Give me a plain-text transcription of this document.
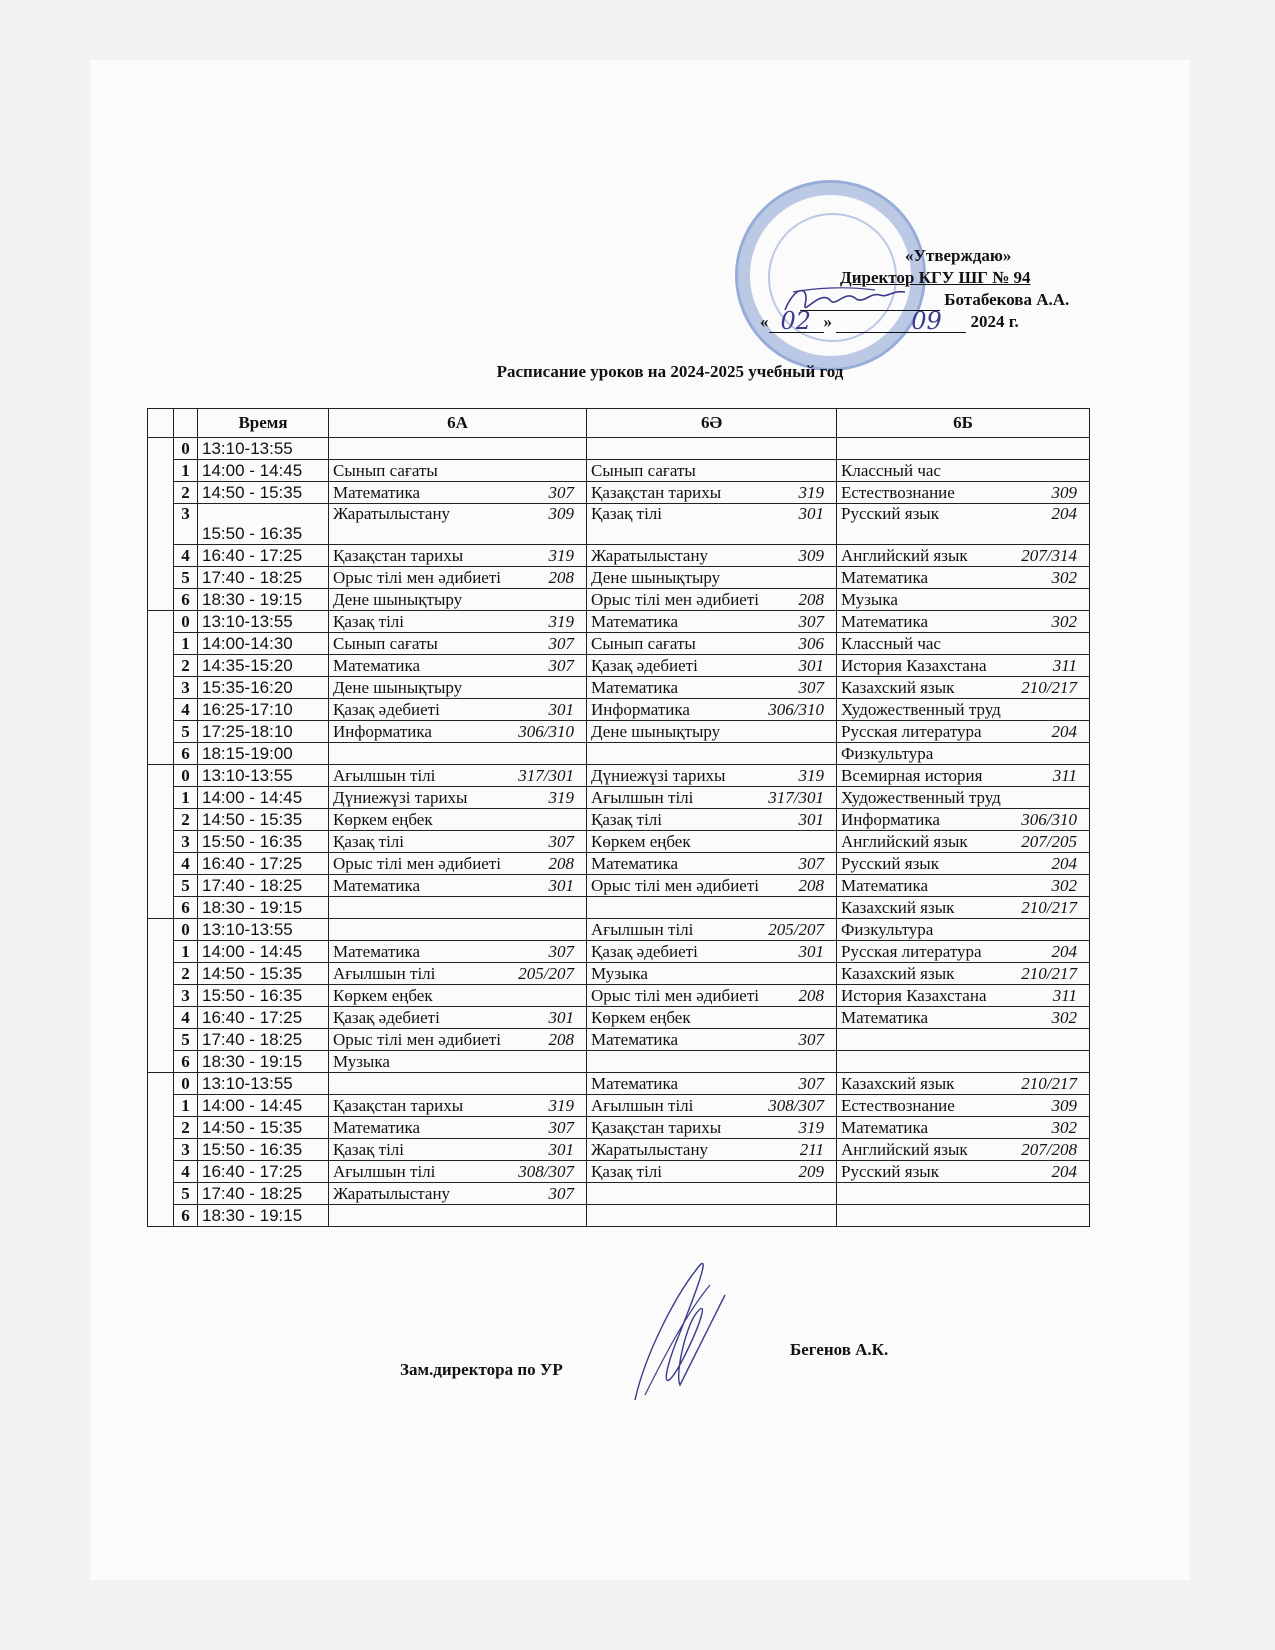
«Утверждаю»
Директор КГУ ШГ № 94
Ботабекова А.А.
« 02 »	09 2024 г.
Расписание уроков на 2024-2025 учебный год
		Время	6А	6Ә	6Б
	0	13:10-13:55	

	1	14:00 - 14:45	Сынып сағаты	Сынып сағаты	Классный час

	2	14:50 - 15:35	Математика 307	Қазақстан тарихы 319	Естествознание 309

	3	15:50 - 16:35	Жаратылыстану 309	Қазақ тілі 301	Русский язык 204

	4	16:40 - 17:25	Қазақстан тарихы 319	Жаратылыстану 309	Английский язык 207/314

	5	17:40 - 18:25	Орыс тілі мен әдибиеті 208	Дене шынықтыру	Математика 302

	6	18:30 - 19:15	Дене шынықтыру	Орыс тілі мен әдибиеті 208	Музыка

	0	13:10-13:55	Қазақ тілі 319	Математика 307	Математика 302

	1	14:00-14:30	Сынып сағаты 307	Сынып сағаты 306	Классный час

	2	14:35-15:20	Математика 307	Қазақ әдебиеті 301	История Казахстана 311

	3	15:35-16:20	Дене шынықтыру	Математика 307	Казахский язык 210/217

	4	16:25-17:10	Қазақ әдебиеті 301	Информатика 306/310	Художественный труд

	5	17:25-18:10	Информатика 306/310	Дене шынықтыру	Русская литература 204

	6	18:15-19:00			Физкультура

	0	13:10-13:55	Ағылшын тілі 317/301	Дүниежүзі тарихы 319	Всемирная история 311

	1	14:00 - 14:45	Дүниежүзі тарихы 319	Ағылшын тілі 317/301	Художественный труд

	2	14:50 - 15:35	Көркем еңбек	Қазақ тілі 301	Информатика 306/310

	3	15:50 - 16:35	Қазақ тілі 307	Көркем еңбек	Английский язык 207/205

	4	16:40 - 17:25	Орыс тілі мен әдибиеті 208	Математика 307	Русский язык 204

	5	17:40 - 18:25	Математика 301	Орыс тілі мен әдибиеті 208	Математика 302

	6	18:30 - 19:15			Казахский язык 210/217

	0	13:10-13:55		Ағылшын тілі 205/207	Физкультура

	1	14:00 - 14:45	Математика 307	Қазақ әдебиеті 301	Русская литература 204

	2	14:50 - 15:35	Ағылшын тілі 205/207	Музыка	Казахский язык 210/217

	3	15:50 - 16:35	Көркем еңбек	Орыс тілі мен әдибиеті 208	История Казахстана 311

	4	16:40 - 17:25	Қазақ әдебиеті 301	Көркем еңбек	Математика 302

	5	17:40 - 18:25	Орыс тілі мен әдибиеті 208	Математика 307	

	6	18:30 - 19:15	Музыка		

	0	13:10-13:55		Математика 307	Казахский язык 210/217

	1	14:00 - 14:45	Қазақстан тарихы 319	Ағылшын тілі 308/307	Естествознание 309

	2	14:50 - 15:35	Математика 307	Қазақстан тарихы 319	Математика 302

	3	15:50 - 16:35	Қазақ тілі 301	Жаратылыстану 211	Английский язык 207/208

	4	16:40 - 17:25	Ағылшын тілі 308/307	Қазақ тілі 209	Русский язык 204

	5	17:40 - 18:25	Жаратылыстану 307		

	6	18:30 - 19:15	

Зам.директора по УР
Бегенов А.К.
